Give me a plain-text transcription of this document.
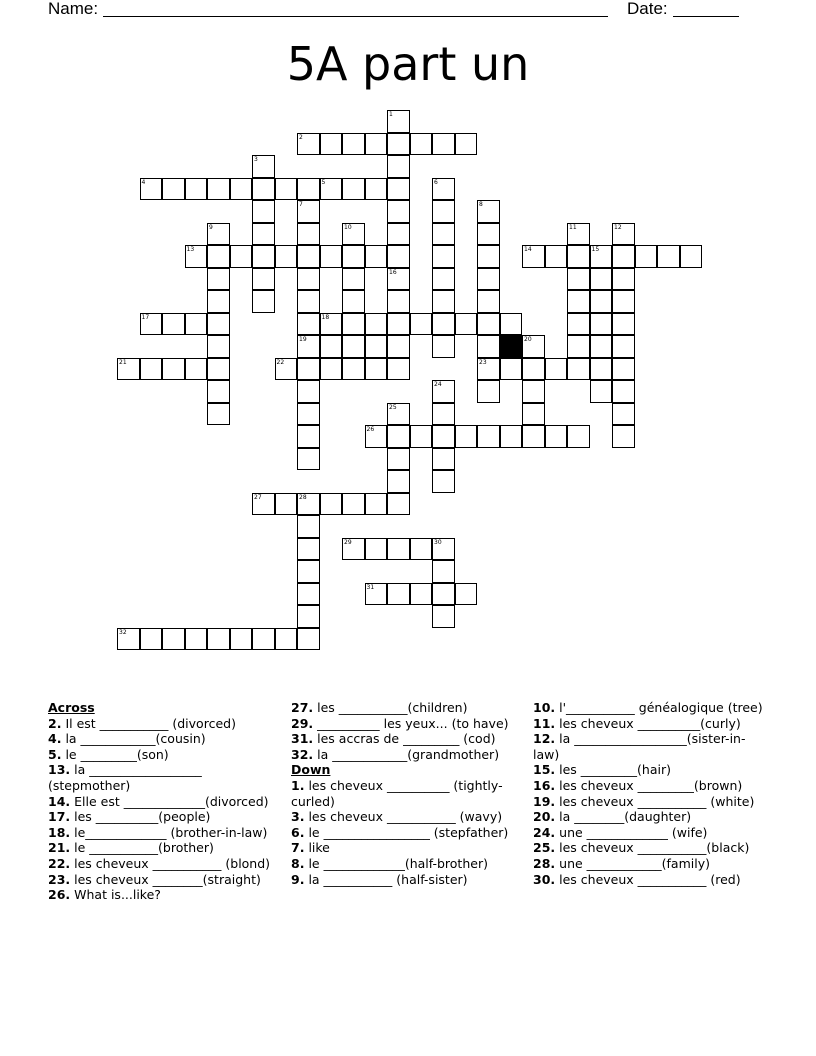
Name:	Date:
5A part un
1
2
3
4	5	6
7	8
9	10	11	12
13	14	15
16
17	18
19	20
21	22	23
24
25
26
27	28
29	30
31
32
Across
2. Il est ___________ (divorced)
4. la ____________(cousin)
5. le _________(son)
13. la __________________ (stepmother)
14. Elle est _____________(divorced)
17. les __________(people)
18. le_____________ (brother-in-law)
21. le ___________(brother)
22. les cheveux ___________ (blond)
23. les cheveux ________(straight)
26. What is...like?
27. les ___________(children)
29. __________ les yeux... (to have)
31. les accras de _________ (cod)
32. la ____________(grandmother)
Down
1. les cheveux __________ (tightly-curled)
3. les cheveux ___________ (wavy)
6. le _________________ (stepfather)
7. like
8. le _____________(half-brother)
9. la ___________ (half-sister)
10. l'___________ généalogique (tree)
11. les cheveux __________(curly)
12. la __________________(sister-in-law)
15. les _________(hair)
16. les cheveux _________(brown)
19. les cheveux ___________ (white)
20. la ________(daughter)
24. une _____________ (wife)
25. les cheveux ___________(black)
28. une ____________(family)
30. les cheveux ___________ (red)
